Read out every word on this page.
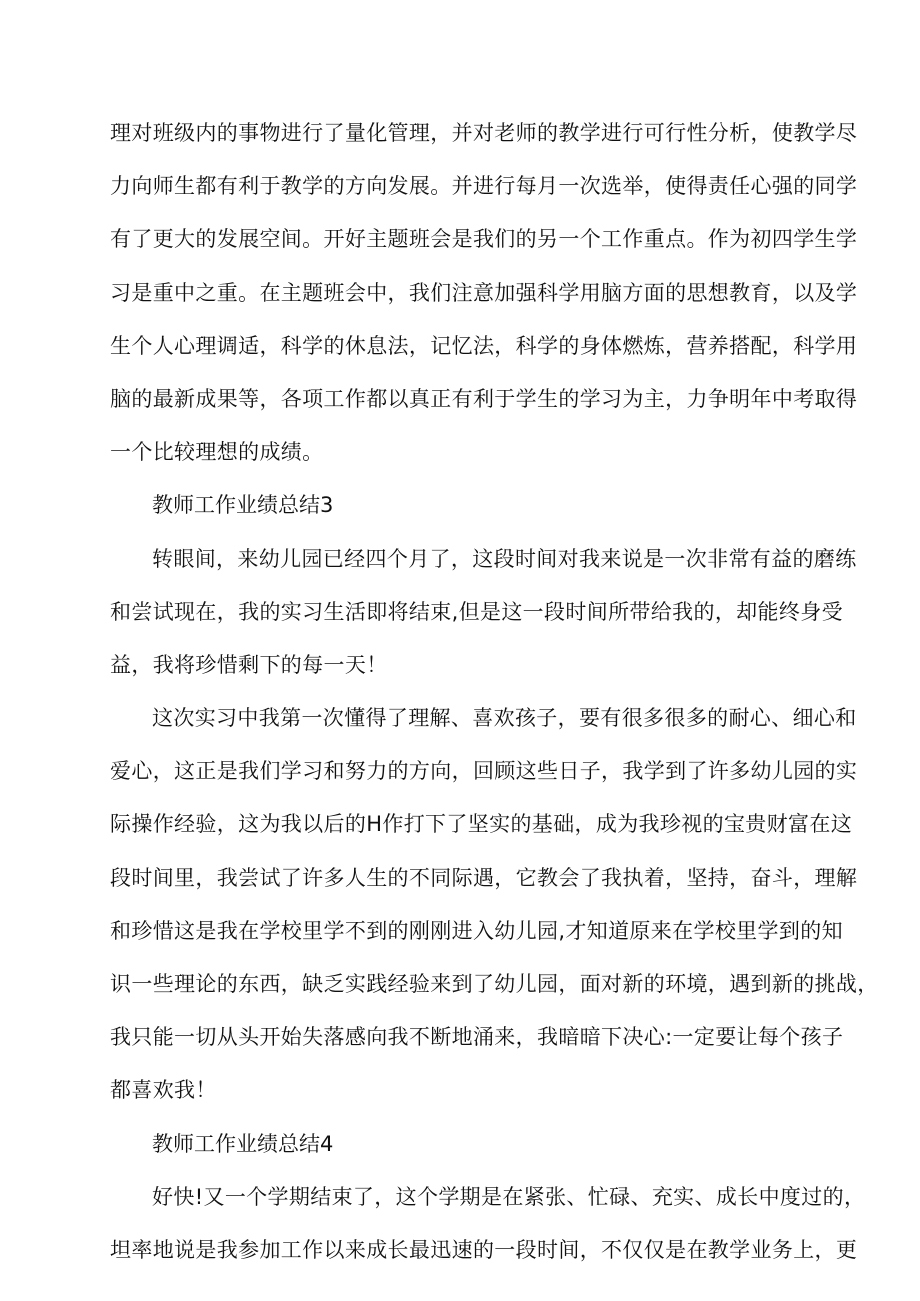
理对班级内的事物进行了量化管理，并对老师的教学进行可行性分析，使教学尽
力向师生都有利于教学的方向发展。并进行每月一次选举，使得责任心强的同学
有了更大的发展空间。开好主题班会是我们的另一个工作重点。作为初四学生学
习是重中之重。在主题班会中，我们注意加强科学用脑方面的思想教育，以及学
生个人心理调适，科学的休息法，记忆法，科学的身体燃炼，营养搭配，科学用
脑的最新成果等，各项工作都以真正有利于学生的学习为主，力争明年中考取得
一个比较理想的成绩。
教师工作业绩总结3
转眼间，来幼儿园已经四个月了，这段时间对我来说是一次非常有益的磨练
和尝试现在，我的实习生活即将结束,但是这一段时间所带给我的，却能终身受
益，我将珍惜剩下的每一天！
这次实习中我第一次懂得了理解、喜欢孩子，要有很多很多的耐心、细心和
爱心，这正是我们学习和努力的方向，回顾这些日子，我学到了许多幼儿园的实
际操作经验，这为我以后的H作打下了坚实的基础，成为我珍视的宝贵财富在这
段时间里，我尝试了许多人生的不同际遇，它教会了我执着，坚持，奋斗，理解
和珍惜这是我在学校里学不到的刚刚进入幼儿园,才知道原来在学校里学到的知
识一些理论的东西，缺乏实践经验来到了幼儿园，面对新的环境，遇到新的挑战，
我只能一切从头开始失落感向我不断地涌来，我暗暗下决心:一定要让每个孩子
都喜欢我！
教师工作业绩总结4
好快!又一个学期结束了，这个学期是在紧张、忙碌、充实、成长中度过的，
坦率地说是我参加工作以来成长最迅速的一段时间，不仅仅是在教学业务上，更
